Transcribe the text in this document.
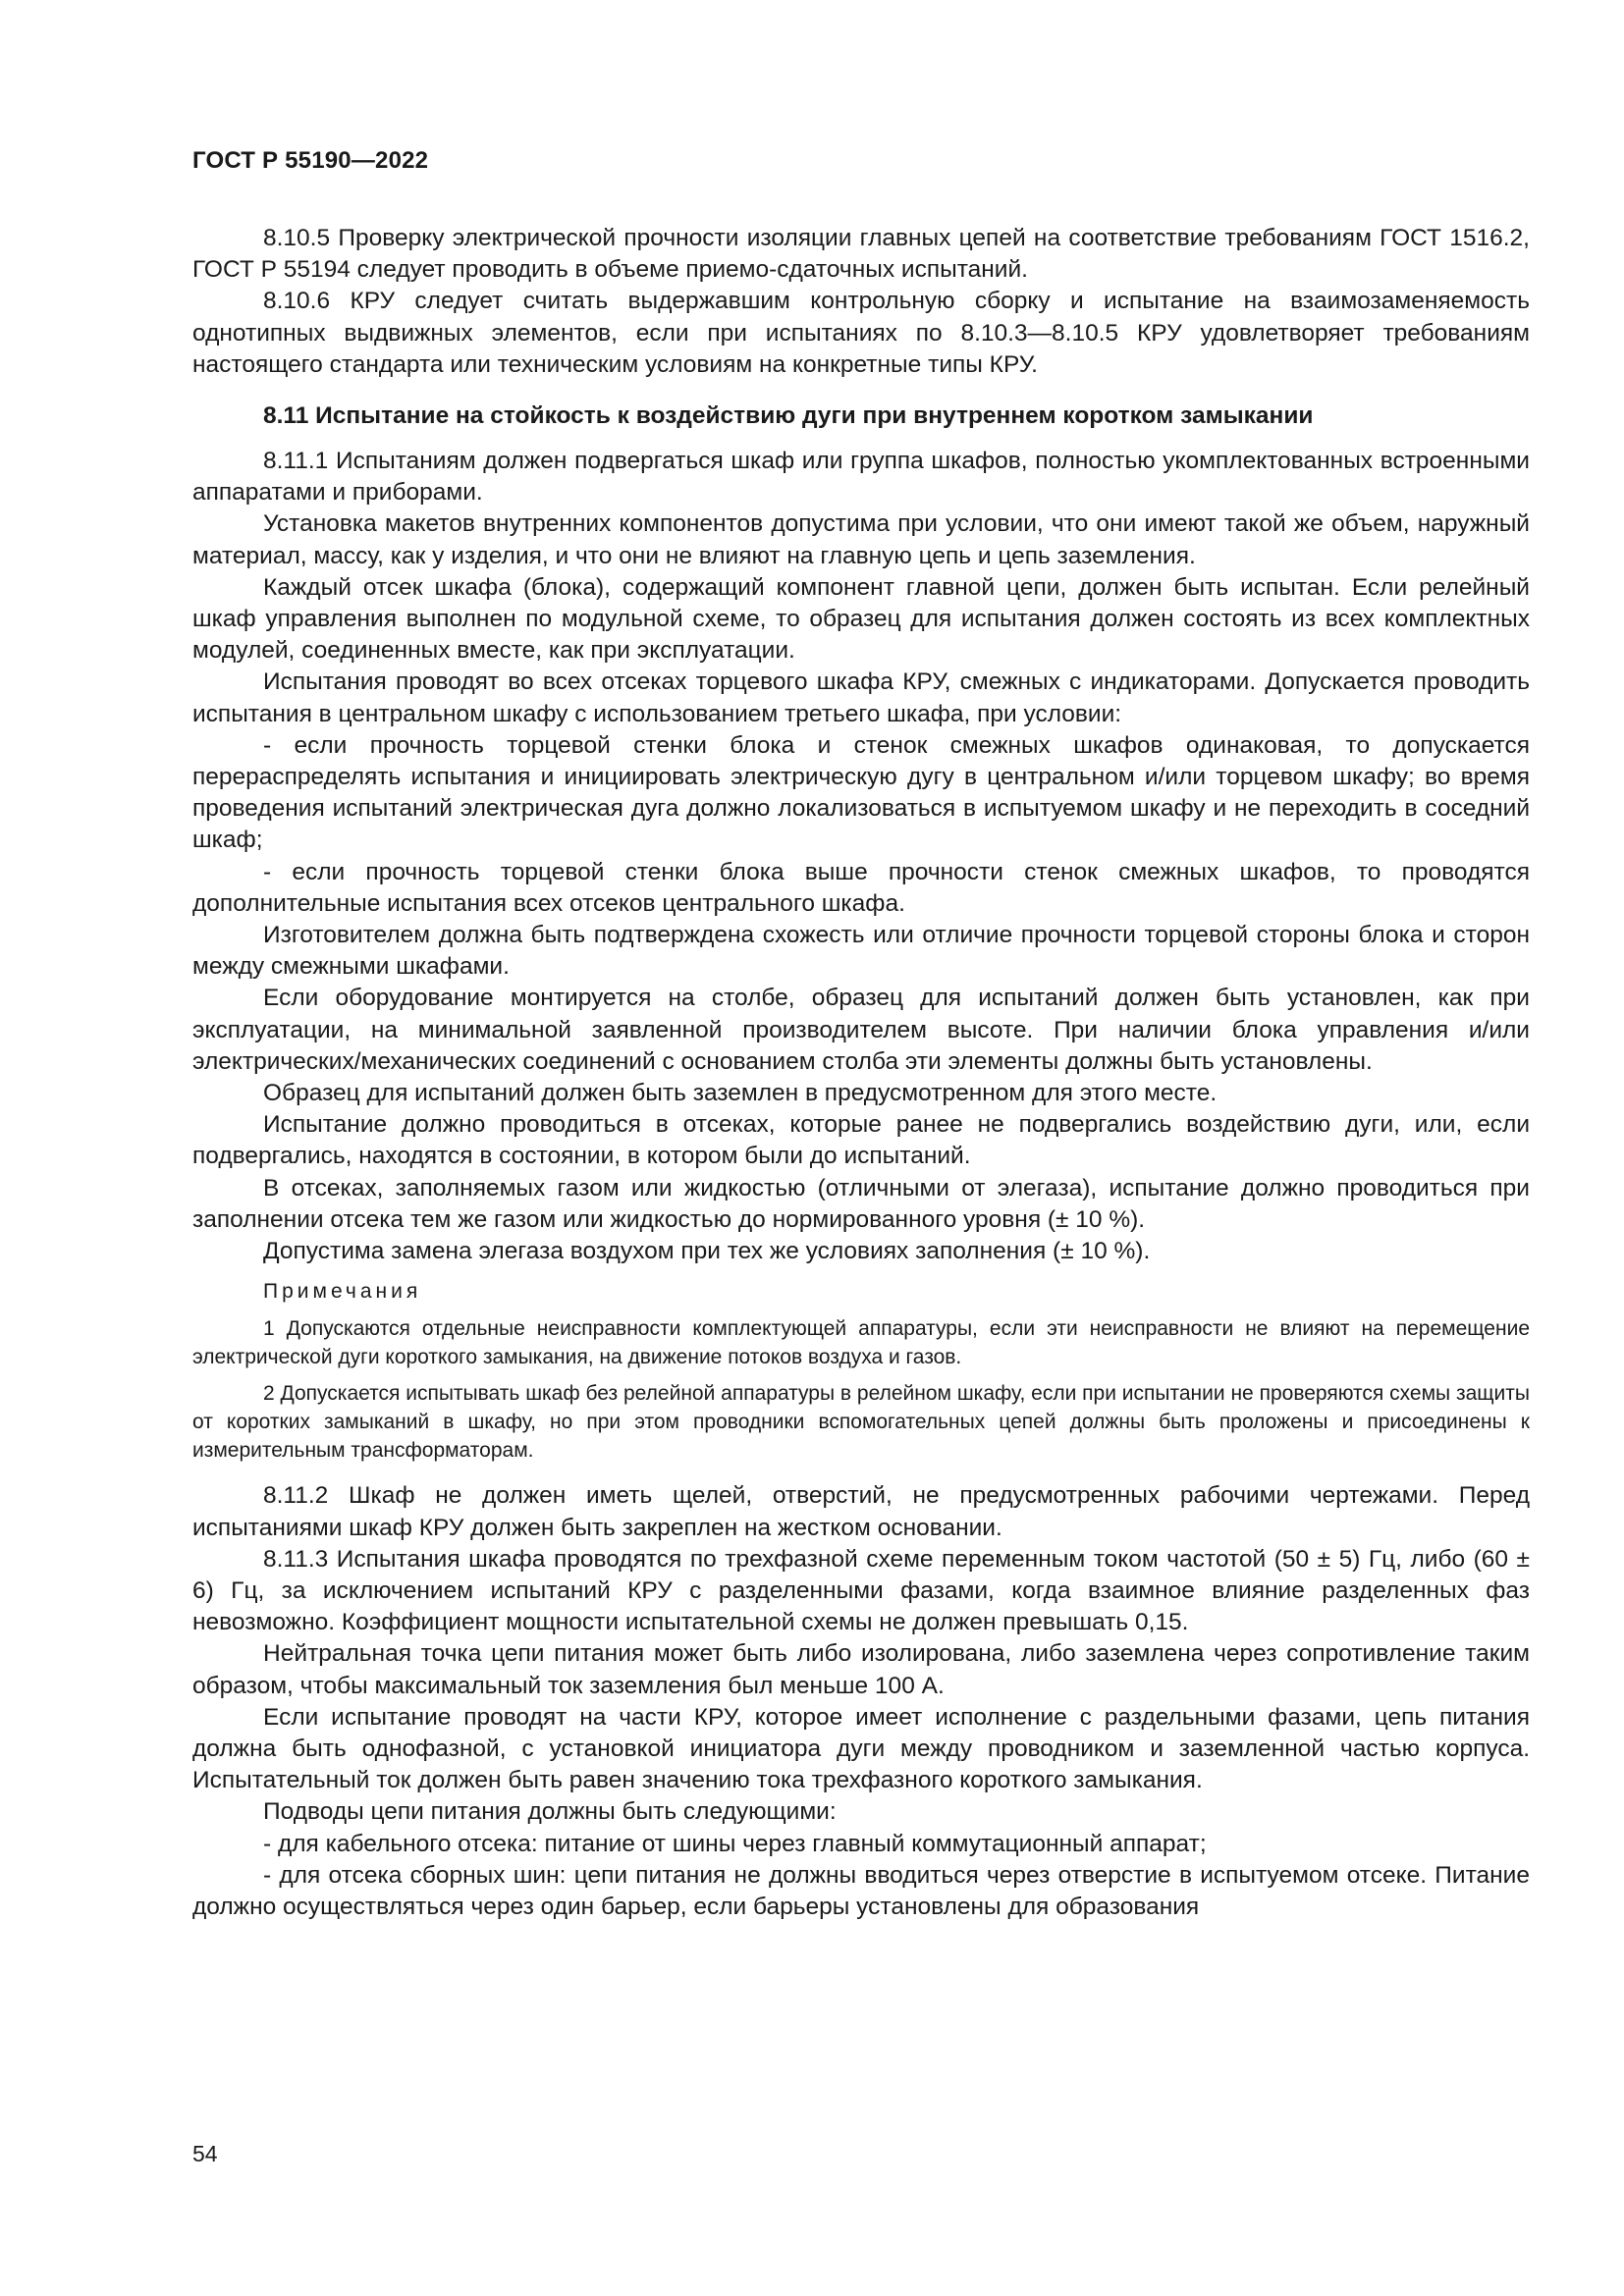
ГОСТ Р 55190—2022

8.10.5 Проверку электрической прочности изоляции главных цепей на соответствие требованиям ГОСТ 1516.2, ГОСТ Р 55194 следует проводить в объеме приемо-сдаточных испытаний.

8.10.6 КРУ следует считать выдержавшим контрольную сборку и испытание на взаимозаменяемость однотипных выдвижных элементов, если при испытаниях по 8.10.3—8.10.5 КРУ удовлетворяет требованиям настоящего стандарта или техническим условиям на конкретные типы КРУ.

8.11 Испытание на стойкость к воздействию дуги при внутреннем коротком замыкании

8.11.1 Испытаниям должен подвергаться шкаф или группа шкафов, полностью укомплектованных встроенными аппаратами и приборами.

Установка макетов внутренних компонентов допустима при условии, что они имеют такой же объем, наружный материал, массу, как у изделия, и что они не влияют на главную цепь и цепь заземления.

Каждый отсек шкафа (блока), содержащий компонент главной цепи, должен быть испытан. Если релейный шкаф управления выполнен по модульной схеме, то образец для испытания должен состоять из всех комплектных модулей, соединенных вместе, как при эксплуатации.

Испытания проводят во всех отсеках торцевого шкафа КРУ, смежных с индикаторами. Допускается проводить испытания в центральном шкафу с использованием третьего шкафа, при условии:

- если прочность торцевой стенки блока и стенок смежных шкафов одинаковая, то допускается перераспределять испытания и инициировать электрическую дугу в центральном и/или торцевом шкафу; во время проведения испытаний электрическая дуга должно локализоваться в испытуемом шкафу и не переходить в соседний шкаф;

- если прочность торцевой стенки блока выше прочности стенок смежных шкафов, то проводятся дополнительные испытания всех отсеков центрального шкафа.

Изготовителем должна быть подтверждена схожесть или отличие прочности торцевой стороны блока и сторон между смежными шкафами.

Если оборудование монтируется на столбе, образец для испытаний должен быть установлен, как при эксплуатации, на минимальной заявленной производителем высоте. При наличии блока управления и/или электрических/механических соединений с основанием столба эти элементы должны быть установлены.

Образец для испытаний должен быть заземлен в предусмотренном для этого месте.

Испытание должно проводиться в отсеках, которые ранее не подвергались воздействию дуги, или, если подвергались, находятся в состоянии, в котором были до испытаний.

В отсеках, заполняемых газом или жидкостью (отличными от элегаза), испытание должно проводиться при заполнении отсека тем же газом или жидкостью до нормированного уровня (± 10 %).

Допустима замена элегаза воздухом при тех же условиях заполнения (± 10 %).

Примечания

1 Допускаются отдельные неисправности комплектующей аппаратуры, если эти неисправности не влияют на перемещение электрической дуги короткого замыкания, на движение потоков воздуха и газов.

2 Допускается испытывать шкаф без релейной аппаратуры в релейном шкафу, если при испытании не проверяются схемы защиты от коротких замыканий в шкафу, но при этом проводники вспомогательных цепей должны быть проложены и присоединены к измерительным трансформаторам.

8.11.2 Шкаф не должен иметь щелей, отверстий, не предусмотренных рабочими чертежами. Перед испытаниями шкаф КРУ должен быть закреплен на жестком основании.

8.11.3 Испытания шкафа проводятся по трехфазной схеме переменным током частотой (50 ± 5) Гц, либо (60 ± 6) Гц, за исключением испытаний КРУ с разделенными фазами, когда взаимное влияние разделенных фаз невозможно. Коэффициент мощности испытательной схемы не должен превышать 0,15.

Нейтральная точка цепи питания может быть либо изолирована, либо заземлена через сопротивление таким образом, чтобы максимальный ток заземления был меньше 100 А.

Если испытание проводят на части КРУ, которое имеет исполнение с раздельными фазами, цепь питания должна быть однофазной, с установкой инициатора дуги между проводником и заземленной частью корпуса. Испытательный ток должен быть равен значению тока трехфазного короткого замыкания.

Подводы цепи питания должны быть следующими:

- для кабельного отсека: питание от шины через главный коммутационный аппарат;

- для отсека сборных шин: цепи питания не должны вводиться через отверстие в испытуемом отсеке. Питание должно осуществляться через один барьер, если барьеры установлены для образования

54
